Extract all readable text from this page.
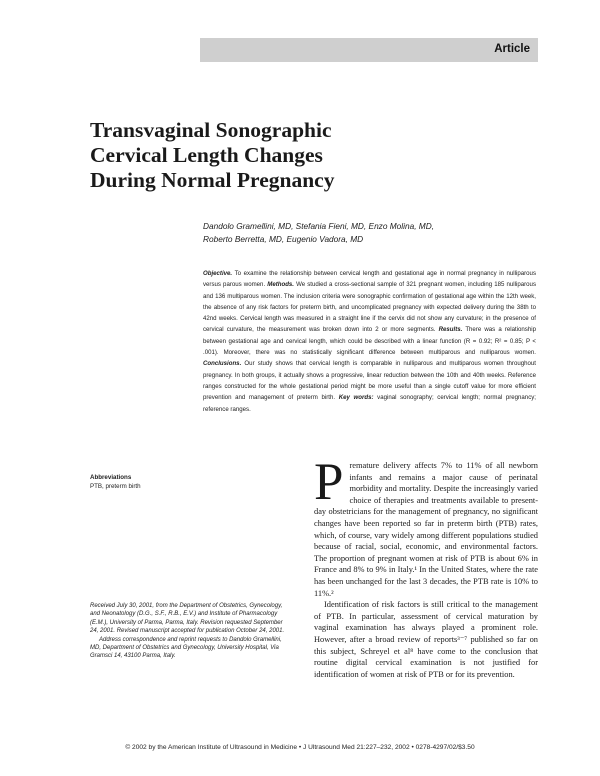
Article
Transvaginal Sonographic
Cervical Length Changes
During Normal Pregnancy
Dandolo Gramellini, MD, Stefania Fieni, MD, Enzo Molina, MD,
Roberto Berretta, MD, Eugenio Vadora, MD
Objective. To examine the relationship between cervical length and gestational age in normal pregnancy in nulliparous versus parous women. Methods. We studied a cross-sectional sample of 321 pregnant women, including 185 nulliparous and 136 multiparous women. The inclusion criteria were sonographic confirmation of gestational age within the 12th week, the absence of any risk factors for preterm birth, and uncomplicated pregnancy with expected delivery during the 38th to 42nd weeks. Cervical length was measured in a straight line if the cervix did not show any curvature; in the presence of cervical curvature, the measurement was broken down into 2 or more segments. Results. There was a relationship between gestational age and cervical length, which could be described with a linear function (R = 0.92; R² = 0.85; P < .001). Moreover, there was no statistically significant difference between multiparous and nulliparous women. Conclusions. Our study shows that cervical length is comparable in nulliparous and multiparous women throughout pregnancy. In both groups, it actually shows a progressive, linear reduction between the 10th and 40th weeks. Reference ranges constructed for the whole gestational period might be more useful than a single cutoff value for more efficient prevention and management of preterm birth. Key words: vaginal sonography; cervical length; normal pregnancy; reference ranges.
Abbreviations
PTB, preterm birth

Received July 30, 2001, from the Department of Obstetrics, Gynecology, and Neonatology (D.G., S.F., R.B., E.V.) and Institute of Pharmacology (E.M.), University of Parma, Parma, Italy. Revision requested September 24, 2001. Revised manuscript accepted for publication October 24, 2001.

Address correspondence and reprint requests to Dandolo Gramellini, MD, Department of Obstetrics and Gynecology, University Hospital, Via Gramsci 14, 43100 Parma, Italy.

P remature delivery affects 7% to 11% of all newborn infants and remains a major cause of perinatal morbidity and mortality. Despite the increasingly varied choice of therapies and treatments available to present-day obstetricians for the management of pregnancy, no significant changes have been reported so far in preterm birth (PTB) rates, which, of course, vary widely among different populations studied because of racial, social, economic, and environmental factors. The proportion of pregnant women at risk of PTB is about 6% in France and 8% to 9% in Italy.¹ In the United States, where the rate has been unchanged for the last 3 decades, the PTB rate is 10% to 11%.²

Identification of risk factors is still critical to the management of PTB. In particular, assessment of cervical maturation by vaginal examination has always played a prominent role. However, after a broad review of reports³⁻⁷ published so far on this subject, Schreyel et al⁸ have come to the conclusion that routine digital cervical examination is not justified for identification of women at risk of PTB or for its prevention.

© 2002 by the American Institute of Ultrasound in Medicine • J Ultrasound Med 21:227–232, 2002 • 0278-4297/02/$3.50
